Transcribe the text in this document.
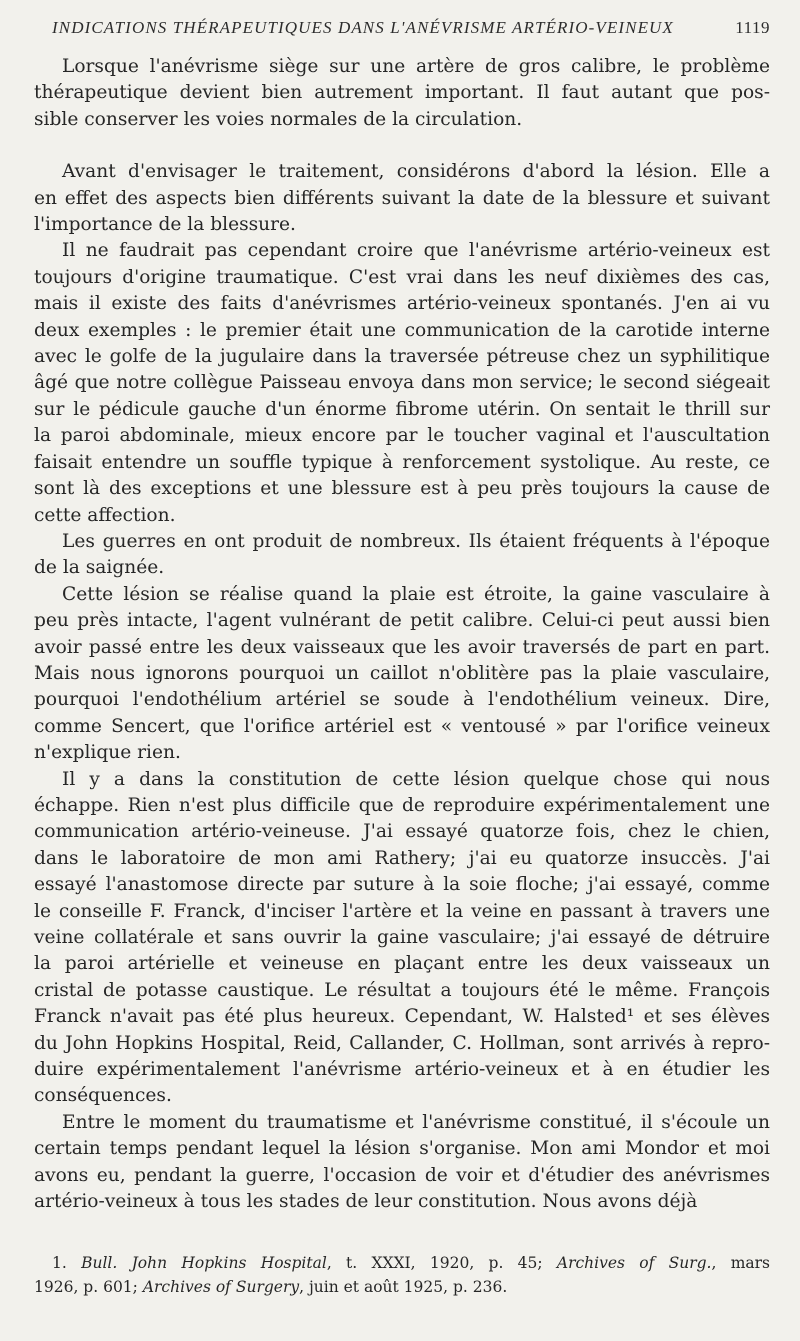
INDICATIONS THÉRAPEUTIQUES DANS L'ANÉVRISME ARTÉRIO-VEINEUX	1119
Lorsque l'anévrisme siège sur une artère de gros calibre, le problème
thérapeutique devient bien autrement important. Il faut autant que pos-
sible conserver les voies normales de la circulation.
Avant d'envisager le traitement, considérons d'abord la lésion. Elle a
en effet des aspects bien différents suivant la date de la blessure et suivant
l'importance de la blessure.
Il ne faudrait pas cependant croire que l'anévrisme artério-veineux est
toujours d'origine traumatique. C'est vrai dans les neuf dixièmes des cas,
mais il existe des faits d'anévrismes artério-veineux spontanés. J'en ai vu
deux exemples : le premier était une communication de la carotide interne
avec le golfe de la jugulaire dans la traversée pétreuse chez un syphilitique
âgé que notre collègue Paisseau envoya dans mon service; le second siégeait
sur le pédicule gauche d'un énorme fibrome utérin. On sentait le thrill sur
la paroi abdominale, mieux encore par le toucher vaginal et l'auscultation
faisait entendre un souffle typique à renforcement systolique. Au reste, ce
sont là des exceptions et une blessure est à peu près toujours la cause de
cette affection.
Les guerres en ont produit de nombreux. Ils étaient fréquents à l'époque
de la saignée.
Cette lésion se réalise quand la plaie est étroite, la gaine vasculaire à
peu près intacte, l'agent vulnérant de petit calibre. Celui-ci peut aussi bien
avoir passé entre les deux vaisseaux que les avoir traversés de part en part.
Mais nous ignorons pourquoi un caillot n'oblitère pas la plaie vasculaire,
pourquoi l'endothélium artériel se soude à l'endothélium veineux. Dire,
comme Sencert, que l'orifice artériel est « ventousé » par l'orifice veineux
n'explique rien.
Il y a dans la constitution de cette lésion quelque chose qui nous
échappe. Rien n'est plus difficile que de reproduire expérimentalement une
communication artério-veineuse. J'ai essayé quatorze fois, chez le chien,
dans le laboratoire de mon ami Rathery; j'ai eu quatorze insuccès. J'ai
essayé l'anastomose directe par suture à la soie floche; j'ai essayé, comme
le conseille F. Franck, d'inciser l'artère et la veine en passant à travers une
veine collatérale et sans ouvrir la gaine vasculaire; j'ai essayé de détruire
la paroi artérielle et veineuse en plaçant entre les deux vaisseaux un
cristal de potasse caustique. Le résultat a toujours été le même. François
Franck n'avait pas été plus heureux. Cependant, W. Halsted¹ et ses élèves
du John Hopkins Hospital, Reid, Callander, C. Hollman, sont arrivés à repro-
duire expérimentalement l'anévrisme artério-veineux et à en étudier les
conséquences.
Entre le moment du traumatisme et l'anévrisme constitué, il s'écoule un
certain temps pendant lequel la lésion s'organise. Mon ami Mondor et moi
avons eu, pendant la guerre, l'occasion de voir et d'étudier des anévrismes
artério-veineux à tous les stades de leur constitution. Nous avons déjà
1. Bull. John Hopkins Hospital, t. XXXI, 1920, p. 45; Archives of Surg., mars
1926, p. 601; Archives of Surgery, juin et août 1925, p. 236.
